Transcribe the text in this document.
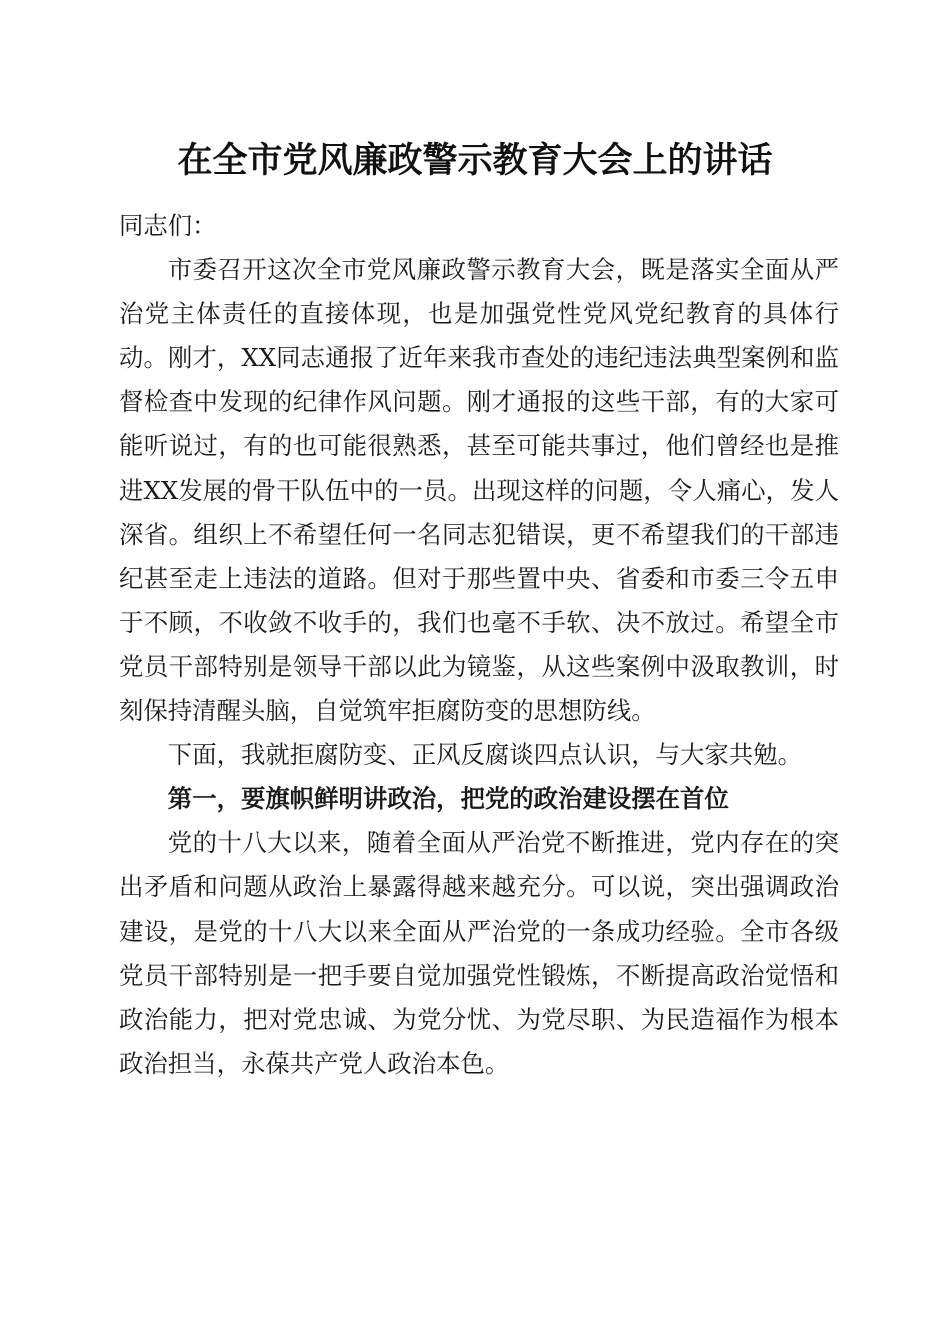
在全市党风廉政警示教育大会上的讲话

同志们：

市委召开这次全市党风廉政警示教育大会，既是落实全面从严治党主体责任的直接体现，也是加强党性党风党纪教育的具体行动。刚才，XX同志通报了近年来我市查处的违纪违法典型案例和监督检查中发现的纪律作风问题。刚才通报的这些干部，有的大家可能听说过，有的也可能很熟悉，甚至可能共事过，他们曾经也是推进XX发展的骨干队伍中的一员。出现这样的问题，令人痛心，发人深省。组织上不希望任何一名同志犯错误，更不希望我们的干部违纪甚至走上违法的道路。但对于那些置中央、省委和市委三令五申于不顾，不收敛不收手的，我们也毫不手软、决不放过。希望全市党员干部特别是领导干部以此为镜鉴，从这些案例中汲取教训，时刻保持清醒头脑，自觉筑牢拒腐防变的思想防线。

下面，我就拒腐防变、正风反腐谈四点认识，与大家共勉。

第一，要旗帜鲜明讲政治，把党的政治建设摆在首位

党的十八大以来，随着全面从严治党不断推进，党内存在的突出矛盾和问题从政治上暴露得越来越充分。可以说，突出强调政治建设，是党的十八大以来全面从严治党的一条成功经验。全市各级党员干部特别是一把手要自觉加强党性锻炼，不断提高政治觉悟和政治能力，把对党忠诚、为党分忧、为党尽职、为民造福作为根本政治担当，永葆共产党人政治本色。
